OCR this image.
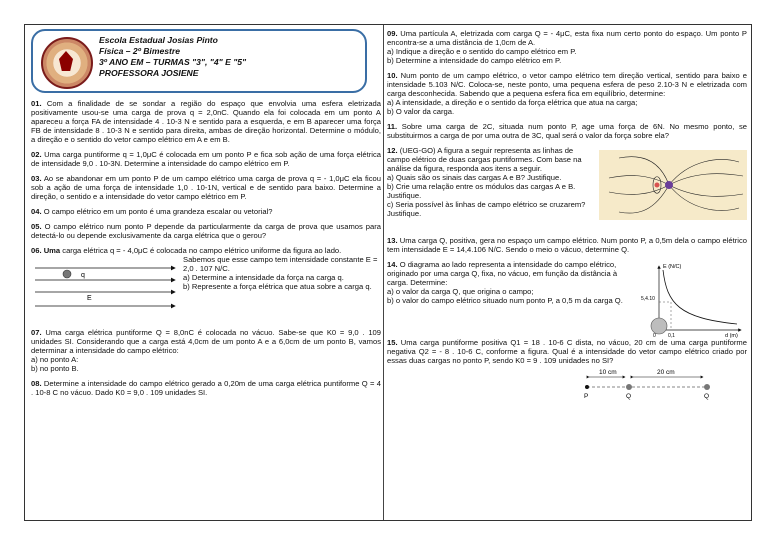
Escola Estadual Josias Pinto
Física – 2º Bimestre
3º ANO EM – TURMAS "3", "4" E "5"
PROFESSORA JOSIENE

01. Com a finalidade de se sondar a região do espaço que envolvia uma esfera eletrizada positivamente usou-se uma carga de prova q = 2,0nC. Quando ela foi colocada em um ponto A apareceu a força FA de intensidade 4 . 10-3 N e sentido para a esquerda, e em B aparecer uma força FB de intensidade 8 . 10-3 N e sentido para direita, ambas de direção horizontal. Determine o módulo, a direção e o sentido do vetor campo elétrico em A e em B.

02. Uma carga puntiforme q = 1,0μC é colocada em um ponto P e fica sob ação de uma força elétrica de intensidade 9,0 . 10-3N. Determine a intensidade do campo elétrico em P.

03. Ao se abandonar em um ponto P de um campo elétrico uma carga de prova q = - 1,0μC ela ficou sob a ação de uma força de intensidade 1,0 . 10-1N, vertical e de sentido para baixo. Determine a direção, o sentido e a intensidade do vetor campo elétrico em P.

04. O campo elétrico em um ponto é uma grandeza escalar ou vetorial?

05. O campo elétrico num ponto P depende da particularmente da carga de prova que usamos para detectá-lo ou depende exclusivamente da carga elétrica que o gerou?

06. Uma carga elétrica q = - 4,0μC é colocada no campo elétrico uniforme da figura ao lado.
Sabemos que esse campo tem intensidade constante E = 2,0 . 107 N/C.
a) Determine a intensidade da força na carga q.
b) Represente a força elétrica que atua sobre a carga q.
q
E

07. Uma carga elétrica puntiforme Q = 8,0nC é colocada no vácuo. Sabe-se que K0 = 9,0 . 109 unidades SI. Considerando que a carga está 4,0cm de um ponto A e a 6,0cm de um ponto B, vamos determinar a intensidade do campo elétrico:

a) no ponto A:

b) no ponto B.

08. Determine a intensidade do campo elétrico gerado a 0,20m de uma carga elétrica puntiforme Q = 4 . 10-8 C no vácuo. Dado K0 = 9,0 . 109 unidades SI.

09. Uma partícula A, eletrizada com carga Q = - 4μC, esta fixa num certo ponto do espaço. Um ponto P encontra-se a uma distância de 1,0cm de A.

a) Indique a direção e o sentido do campo elétrico em P.

b) Determine a intensidade do campo elétrico em P.

10. Num ponto de um campo elétrico, o vetor campo elétrico tem direção vertical, sentido para baixo e intensidade 5.103 N/C. Coloca-se, neste ponto, uma pequena esfera de peso 2.10-3 N e eletrizada com carga desconhecida. Sabendo que a pequena esfera fica em equilíbrio, determine:

a) A intensidade, a direção e o sentido da força elétrica que atua na carga;

b) O valor da carga.

11. Sobre uma carga de 2C, situada num ponto P, age uma força de 6N. No mesmo ponto, se substituirmos a carga de por uma outra de 3C, qual será o valor da força sobre ela?

12. (UEG-GO) A figura a seguir representa as linhas de campo elétrico de duas cargas puntiformes. Com base na análise da figura, responda aos itens a seguir.
a) Quais são os sinais das cargas A e B? Justifique.
b) Crie uma relação entre os módulos das cargas A e B. Justifique.
c) Seria possível às linhas de campo elétrico se cruzarem? Justifique.

13. Uma carga Q, positiva, gera no espaço um campo elétrico. Num ponto P, a 0,5m dela o campo elétrico tem intensidade E = 14,4.106 N/C. Sendo o meio o vácuo, determine Q.

14. O diagrama ao lado representa a intensidade do campo elétrico, originado por uma carga Q, fixa, no vácuo, em função da distância à carga. Determine:
a) o valor da carga Q, que origina o campo;
b) o valor do campo elétrico situado num ponto P, a 0,5 m da carga Q.
E (N/C)
d (m)
5,4.10
0,1
0

15. Uma carga puntiforme positiva Q1 = 18 . 10-6 C dista, no vácuo, 20 cm de uma carga puntiforme negativa Q2 = - 8 . 10-6 C, conforme a figura. Qual é a intensidade do vetor campo elétrico criado por essas duas cargas no ponto P, sendo K0 = 9 . 109 unidades no SI?

10 cm	20 cm
P	Q	Q
